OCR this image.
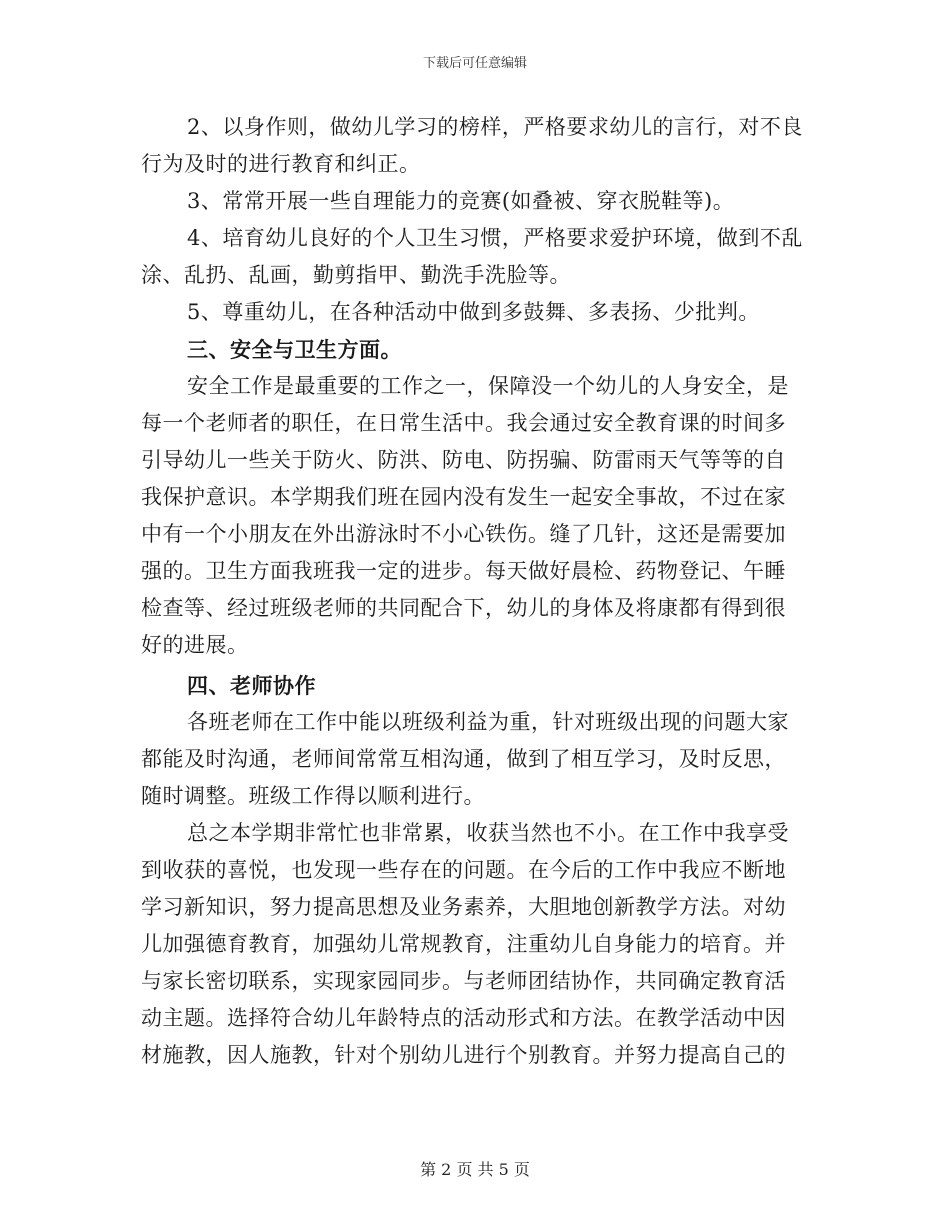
下载后可任意编辑
2、以身作则，做幼儿学习的榜样，严格要求幼儿的言行，对不良
行为及时的进行教育和纠正。
3、常常开展一些自理能力的竞赛(如叠被、穿衣脱鞋等)。
4、培育幼儿良好的个人卫生习惯，严格要求爱护环境，做到不乱
涂、乱扔、乱画，勤剪指甲、勤洗手洗脸等。
5、尊重幼儿，在各种活动中做到多鼓舞、多表扬、少批判。
三、安全与卫生方面。
安全工作是最重要的工作之一，保障没一个幼儿的人身安全，是
每一个老师者的职任，在日常生活中。我会通过安全教育课的时间多
引导幼儿一些关于防火、防洪、防电、防拐骗、防雷雨天气等等的自
我保护意识。本学期我们班在园内没有发生一起安全事故，不过在家
中有一个小朋友在外出游泳时不小心铁伤。缝了几针，这还是需要加
强的。卫生方面我班我一定的进步。每天做好晨检、药物登记、午睡
检查等、经过班级老师的共同配合下，幼儿的身体及将康都有得到很
好的进展。
四、老师协作
各班老师在工作中能以班级利益为重，针对班级出现的问题大家
都能及时沟通，老师间常常互相沟通，做到了相互学习，及时反思，
随时调整。班级工作得以顺利进行。
总之本学期非常忙也非常累，收获当然也不小。在工作中我享受
到收获的喜悦，也发现一些存在的问题。在今后的工作中我应不断地
学习新知识，努力提高思想及业务素养，大胆地创新教学方法。对幼
儿加强德育教育，加强幼儿常规教育，注重幼儿自身能力的培育。并
与家长密切联系，实现家园同步。与老师团结协作，共同确定教育活
动主题。选择符合幼儿年龄特点的活动形式和方法。在教学活动中因
材施教，因人施教，针对个别幼儿进行个别教育。并努力提高自己的
第 2 页 共 5 页
